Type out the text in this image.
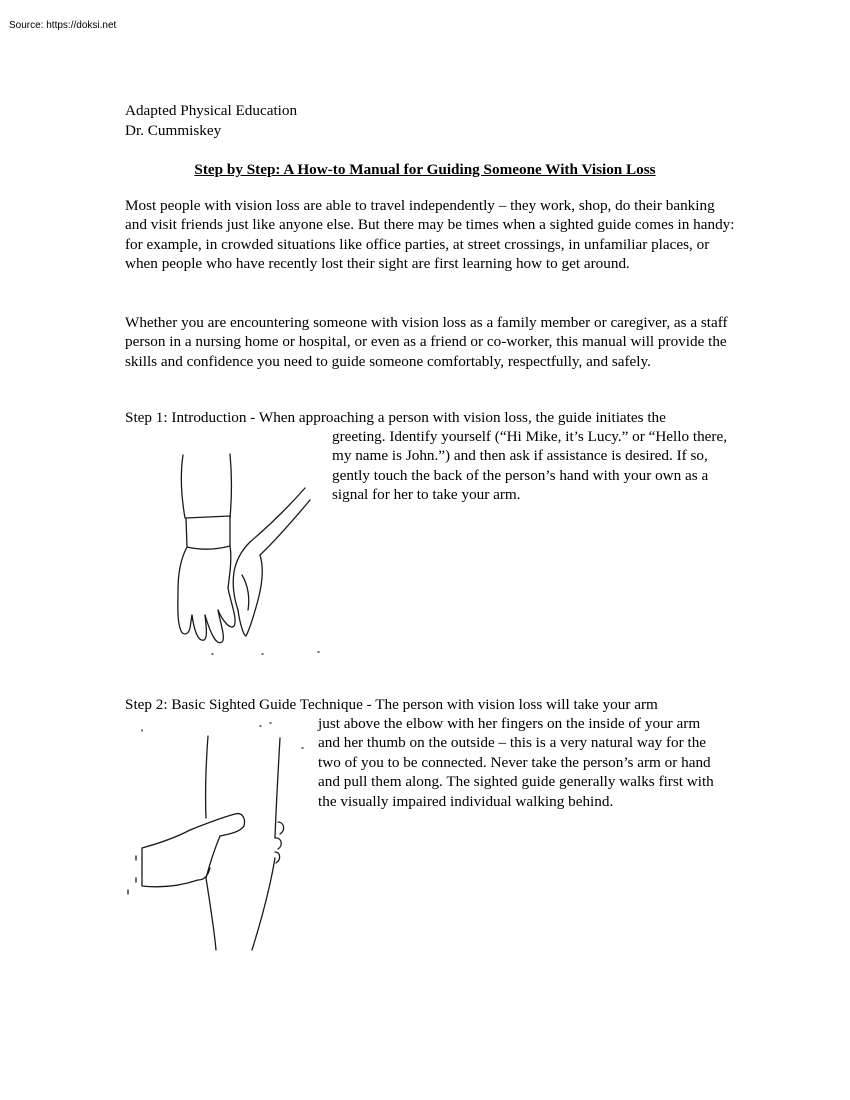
Source: https://doksi.net
Adapted Physical Education
Dr. Cummiskey
Step by Step: A How-to Manual for Guiding Someone With Vision Loss

Most people with vision loss are able to travel independently – they work, shop, do their banking and visit friends just like anyone else. But there may be times when a sighted guide comes in handy: for example, in crowded situations like office parties, at street crossings, in unfamiliar places, or when people who have recently lost their sight are first learning how to get around.

Whether you are encountering someone with vision loss as a family member or caregiver, as a staff person in a nursing home or hospital, or even as a friend or co-worker, this manual will provide the skills and confidence you need to guide someone comfortably, respectfully, and safely.

Step 1: Introduction - When approaching a person with vision loss, the guide initiates the
greeting. Identify yourself (“Hi Mike, it’s Lucy.” or “Hello there, my name is John.”) and then ask if assistance is desired. If so, gently touch the back of the person’s hand with your own as a signal for her to take your arm.
Step 2: Basic Sighted Guide Technique - The person with vision loss will take your arm
just above the elbow with her fingers on the inside of your arm and her thumb on the outside – this is a very natural way for the two of you to be connected. Never take the person’s arm or hand and pull them along. The sighted guide generally walks first with the visually impaired individual walking behind.
